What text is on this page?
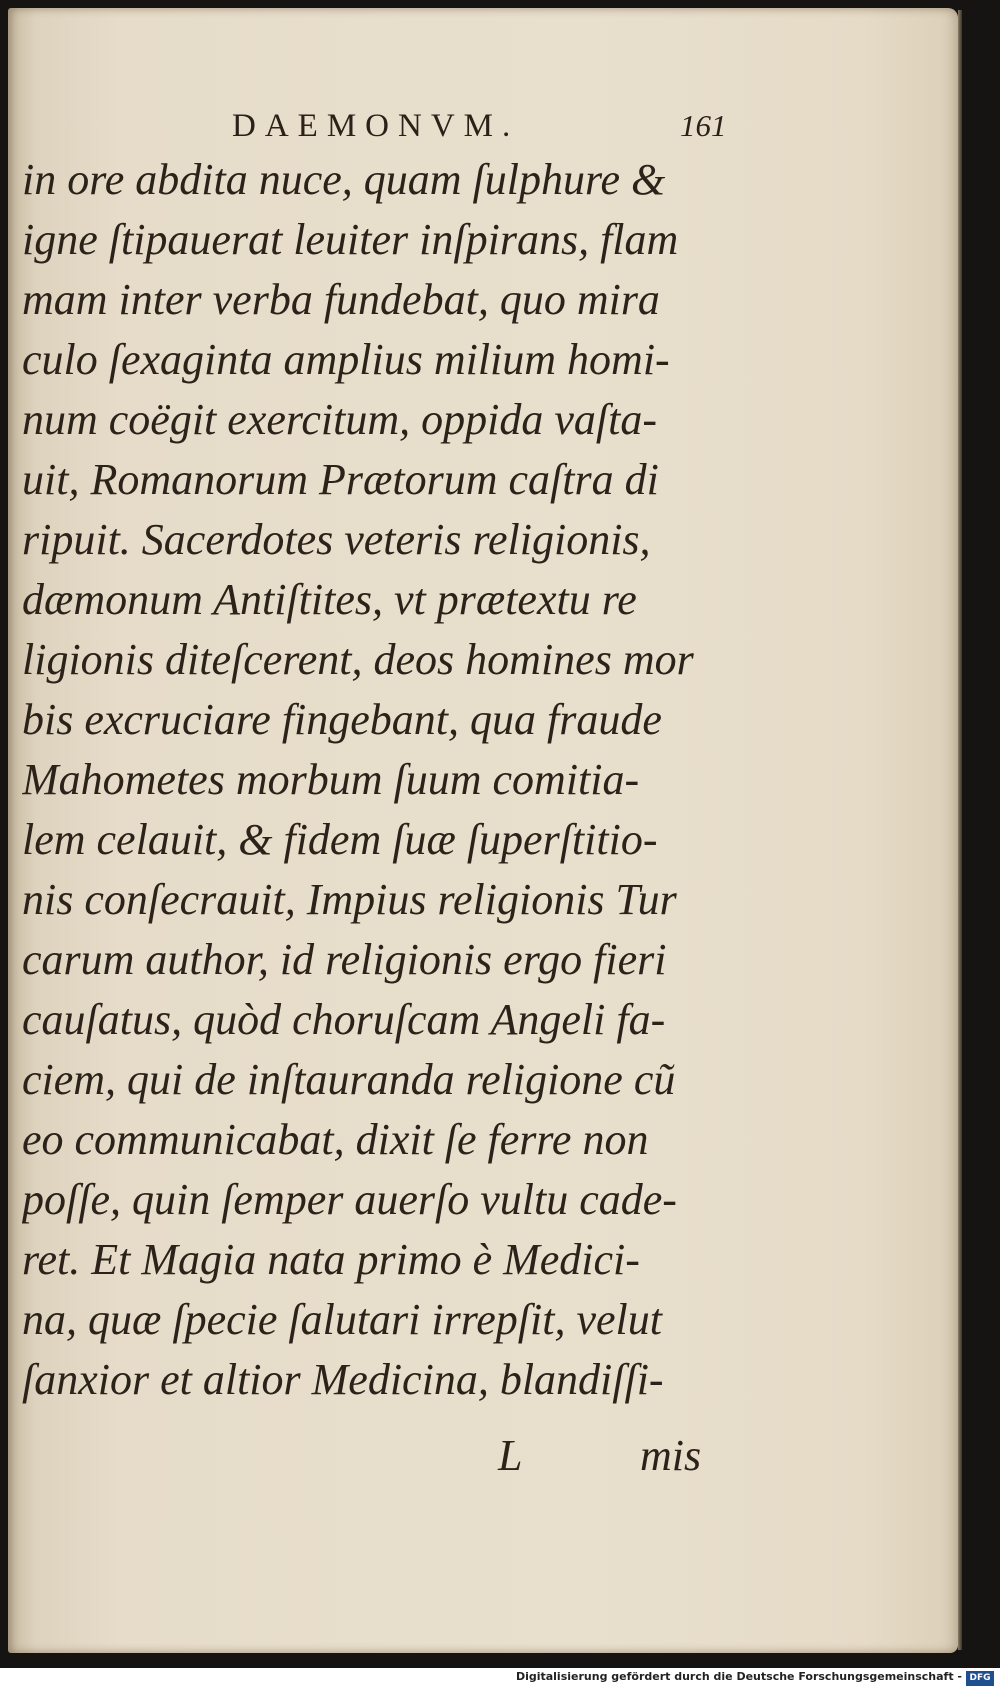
DAEMONVM.	161
in ore abdita nuce, quam ſulphure &
igne ſtipauerat leuiter inſpirans, flam
mam inter verba fundebat, quo mira
culo ſexaginta amplius milium homi-
num coëgit exercitum, oppida vaſta-
uit, Romanorum Prætorum caſtra di
ripuit. Sacerdotes veteris religionis,
dæmonum Antiſtites, vt prætextu re
ligionis diteſcerent, deos homines mor
bis excruciare fingebant, qua fraude
Mahometes morbum ſuum comitia-
lem celauit, & fidem ſuæ ſuperſtitio-
nis conſecrauit, Impius religionis Tur
carum author, id religionis ergo fieri
cauſatus, quòd choruſcam Angeli fa-
ciem, qui de inſtauranda religione cũ
eo communicabat, dixit ſe ferre non
poſſe, quin ſemper auerſo vultu cade-
ret. Et Magia nata primo è Medici-
na, quæ ſpecie ſalutari irrepſit, velut
ſanxior et altior Medicina, blandiſſi-
L	mis
Digitalisierung gefördert durch die Deutsche Forschungsgemeinschaft - DFG
